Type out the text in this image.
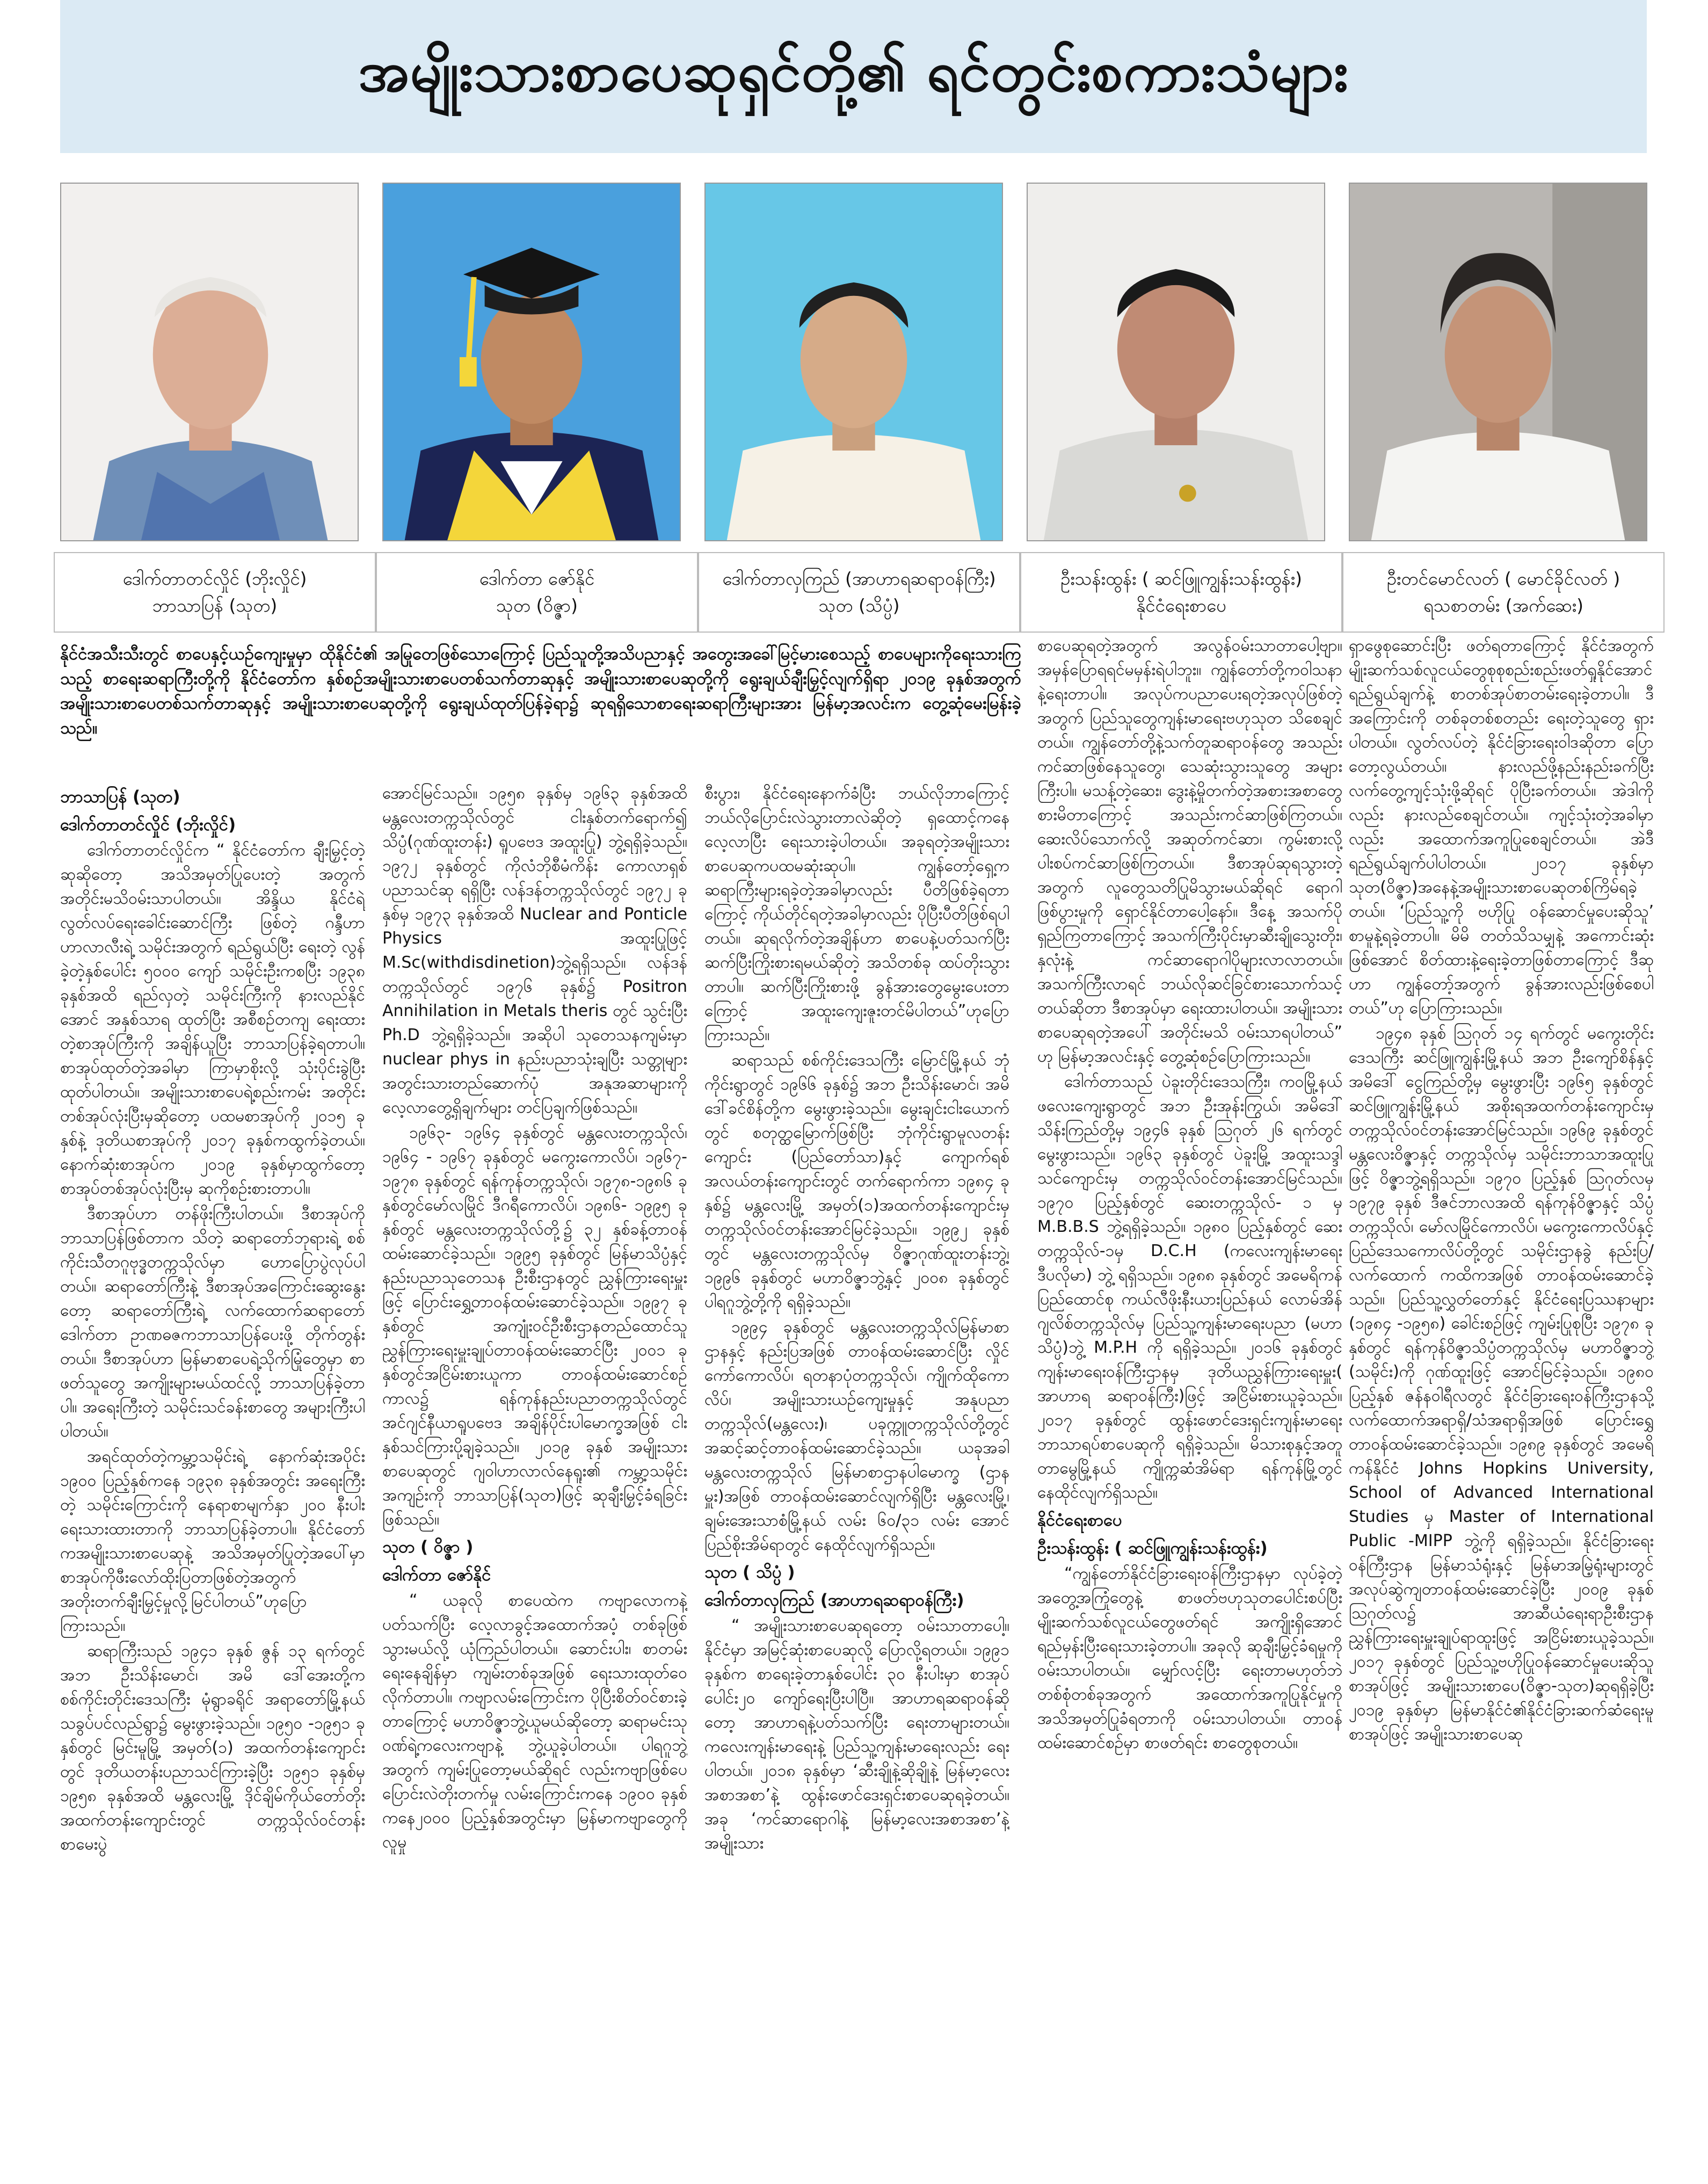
အမျိုးသားစာပေဆုရှင်တို့၏ ရင်တွင်းစကားသံများ
ဒေါက်တာတင်လှိုင် (ဘိုးလှိုင်)
ဘာသာပြန် (သုတ)
ဒေါက်တာ ဇော်နိုင်
သုတ (ဝိဇ္ဇာ)
ဒေါက်တာလှကြည် (အာဟာရဆရာဝန်ကြီး)
သုတ (သိပ္ပံ)
ဦးသန်းထွန်း ( ဆင်ဖြူကျွန်းသန်းထွန်း)
နိုင်ငံရေးစာပေ
ဦးတင်မောင်လတ် ( မောင်ခိုင်လတ် )
ရသစာတမ်း (အက်ဆေး)

နိုင်ငံအသီးသီးတွင် စာပေနှင့်ယဉ်ကျေးမှုမှာ ထိုနိုင်ငံ၏ အမြုတေဖြစ်သောကြောင့် ပြည်သူတို့အသိပညာနှင့် အတွေးအခေါ်မြင့်မားစေသည့် စာပေများကိုရေးသားကြသည့် စာရေးဆရာကြီးတို့ကို နိုင်ငံတော်က နှစ်စဉ်အမျိုးသားစာပေတစ်သက်တာဆုနှင့် အမျိုးသားစာပေဆုတို့ကို ရွေးချယ်ချီးမြှင့်လျက်ရှိရာ ၂၀၁၉ ခုနှစ်အတွက် အမျိုးသားစာပေတစ်သက်တာဆုနှင့် အမျိုးသားစာပေဆုတို့ကို ရွေးချယ်ထုတ်ပြန်ခဲ့ရာ၌ ဆုရရှိသောစာရေးဆရာကြီးများအား မြန်မာ့အလင်းက တွေ့ဆုံမေးမြန်းခဲ့သည်။

ဘာသာပြန် (သုတ)
ဒေါက်တာတင်လှိုင် (ဘိုးလှိုင်)

ဒေါက်တာတင်လှိုင်က “ နိုင်ငံတော်က ချီးမြှင့်တဲ့ ဆုဆိုတော့ အသိအမှတ်ပြုပေးတဲ့ အတွက် အတိုင်းမသိဝမ်းသာပါတယ်။ အိန္ဒိယ နိုင်ငံရဲ့ လွတ်လပ်ရေးခေါင်းဆောင်ကြီး ဖြစ်တဲ့ ဂန္ဒီဟာ ဟာလာလီးရဲ့ သမိုင်းအတွက် ရည်ရွယ်ပြီး ရေးတဲ့ လွန်ခဲ့တဲ့နှစ်ပေါင်း ၅၀၀၀ ကျော် သမိုင်းဦးကစပြီး ၁၉၃၈ ခုနှစ်အထိ ရည်လှတဲ့ သမိုင်းကြီးကို နားလည်နိုင်အောင် အနှစ်သာရ ထုတ်ပြီး အစီစဉ်တကျ ရေးထားတဲ့စာအုပ်ကြီးကို အချိန်ယူပြီး ဘာသာပြန်ခဲ့ရတာပါ။ စာအုပ်ထုတ်တဲ့အခါမှာ ကြာမှာစိုးလို့ သုံးပိုင်းခွဲပြီး ထုတ်ပါတယ်။ အမျိုးသားစာပေရဲ့စည်းကမ်း အတိုင်းတစ်အုပ်လုံးပြီးမှဆိုတော့ ပထမစာအုပ်ကို ၂၀၁၅ ခုနှစ်နဲ့ ဒုတိယစာအုပ်ကို ၂၀၁၇ ခုနှစ်ကထွက်ခဲ့တယ်။ နောက်ဆုံးစာအုပ်က ၂၀၁၉ ခုနှစ်မှာထွက်တော့ စာအုပ်တစ်အုပ်လုံးပြီးမှ ဆုကိုစဉ်းစားတာပါ။

ဒီစာအုပ်ဟာ တန်ဖိုးကြီးပါတယ်။ ဒီစာအုပ်ကို ဘာသာပြန်ဖြစ်တာက သိတဲ့ ဆရာတော်ဘုရားရဲ့ စစ်ကိုင်းသီတဂူဗုဒ္ဓတက္ကသိုလ်မှာ ဟောပြောပွဲလုပ်ပါတယ်။ ဆရာတော်ကြီးနဲ့ ဒီစာအုပ်အကြောင်းဆွေးနွေးတော့ ဆရာတော်ကြီးရဲ့ လက်ထောက်ဆရာတော် ဒေါက်တာ ဥာဏဓဇကဘာသာပြန်ပေးဖို့ တိုက်တွန်းတယ်။ ဒီစာအုပ်ဟာ မြန်မာစာပေရဲ့သိုက်မြုံတွေမှာ စာဖတ်သူတွေ အကျိုးများမယ်ထင်လို့ ဘာသာပြန်ခဲ့တာပါ။ အရေးကြီးတဲ့ သမိုင်းသင်ခန်းစာတွေ အများကြီးပါပါတယ်။

အရင်ထုတ်တဲ့ကမ္ဘာ့သမိုင်းရဲ့ နောက်ဆုံးအပိုင်း ၁၉၀၀ ပြည့်နှစ်ကနေ ၁၉၃၈ ခုနှစ်အတွင်း အရေးကြီးတဲ့ သမိုင်းကြောင်းကို နေရာစာမျက်နှာ ၂၀၀ နီးပါးရေးသားထားတာကို ဘာသာပြန်ခဲ့တာပါ။ နိုင်ငံတော်ကအမျိုးသားစာပေဆုနဲ့ အသိအမှတ်ပြုတဲ့အပေါ်မှာ စာအုပ်ကိုဖီးလော်ထိုးပြတာဖြစ်တဲ့အတွက် အတိုးတက်ချီးမြှင့်မှုလို့မြင်ပါတယ်”ဟုပြောကြားသည်။

ဆရာကြီးသည် ၁၉၄၁ ခုနှစ် ဇွန် ၁၃ ရက်တွင် အဘ ဦးသိန်းမောင်၊ အမိ ဒေါ်အေးတို့က စစ်ကိုင်းတိုင်းဒေသကြီး မုံရွာခရိုင် အရာတော်မြို့နယ် သခွပ်ပင်လည်ရွာ၌ မွေးဖွားခဲ့သည်။ ၁၉၅၀ -၁၉၅၁ ခုနှစ်တွင် မြင်းမူမြို့ အမှတ်(၁) အထက်တန်းကျောင်းတွင် ဒုတိယတန်းပညာသင်ကြားခဲ့ပြီး ၁၉၅၁ ခုနှစ်မှ ၁၉၅၈ ခုနှစ်အထိ မန္တလေးမြို့ ဒိုင်ချိမ်ကိုယ်တော်တိုးအထက်တန်းကျောင်းတွင် တက္ကသိုလ်ဝင်တန်းစာမေးပွဲ

အောင်မြင်သည်။ ၁၉၅၈ ခုနှစ်မှ ၁၉၆၃ ခုနှစ်အထိ မန္တလေးတက္ကသိုလ်တွင် ငါးနှစ်တက်ရောက်၍ သိပ္ပံ(ဂုဏ်ထူးတန်း) ရူပဗေဒ အထူးပြု) ဘွဲ့ရရှိခဲ့သည်။ ၁၉၇၂ ခုနှစ်တွင် ကိုလံဘိုစီမံကိန်း ကောလာရှစ်ပညာသင်ဆု ရရှိပြီး လန်ဒန်တက္ကသိုလ်တွင် ၁၉၇၂ ခုနှစ်မှ ၁၉၇၃ ခုနှစ်အထိ Nuclear and Ponticle Physics အထူးပြုဖြင့် M.Sc(withdisdinetion)ဘွဲ့ရရှိသည်။ လန်ဒန်တက္ကသိုလ်တွင် ၁၉၇၆ ခုနှစ်၌ Positron Annihilation in Metals theris တွင် သွင်းပြီး Ph.D ဘွဲ့ရရှိခဲ့သည်။ အဆိုပါ သုတေသနကျမ်းမှာ nuclear phys in နည်းပညာသုံးချပြီး သတ္တုများ အတွင်းသားတည်ဆောက်ပုံ အနုအဆာများကို လေ့လာတွေ့ရှိချက်များ တင်ပြချက်ဖြစ်သည်။

၁၉၆၃- ၁၉၆၄ ခုနှစ်တွင် မန္တလေးတက္ကသိုလ်၊ ၁၉၆၄ - ၁၉၆၇ ခုနှစ်တွင် မကွေးကောလိပ်၊ ၁၉၆၇- ၁၉၇၈ ခုနှစ်တွင် ရန်ကုန်တက္ကသိုလ်၊ ၁၉၇၈-၁၉၈၆ ခုနှစ်တွင်မော်လမြိုင် ဒီဂရီကောလိပ်၊ ၁၉၈၆- ၁၉၉၅ ခုနှစ်တွင် မန္တလေးတက္ကသိုလ်တို့၌ ၃၂ နှစ်ခန့်တာဝန်ထမ်းဆောင်ခဲ့သည်။ ၁၉၉၅ ခုနှစ်တွင် မြန်မာသိပ္ပံနှင့် နည်းပညာသုတေသန ဦးစီးဌာနတွင် ညွှန်ကြားရေးမှူးဖြင့် ပြောင်းရွှေ့တာဝန်ထမ်းဆောင်ခဲ့သည်။ ၁၉၉၇ ခုနှစ်တွင် အကျုံးဝင်ဦးစီးဌာနတည်ထောင်သူ ညွှန်ကြားရေးမှူးချုပ်တာဝန်ထမ်းဆောင်ပြီး ၂၀၀၁ ခုနှစ်တွင်အငြိမ်းစားယူကာ တာဝန်ထမ်းဆောင်စဉ်ကာလ၌ ရန်ကုန်နည်းပညာတက္ကသိုလ်တွင် အင်ဂျင်နီယာရူပဗေဒ အချိန်ပိုင်းပါမောက္ခအဖြစ် ငါးနှစ်သင်ကြားပို့ချခဲ့သည်။ ၂၀၁၉ ခုနှစ် အမျိုးသားစာပေဆုတွင် ဂျဝါဟာလာလ်နေရူး၏ ကမ္ဘာ့သမိုင်းအကျဉ်းကို ဘာသာပြန်(သုတ)ဖြင့် ဆုချီးမြှင့်ခံရခြင်းဖြစ်သည်။

သုတ ( ဝိဇ္ဇာ )
ဒေါက်တာ ဇော်နိုင်

“ ယခုလို စာပေထဲက ကဗျာလောကနဲ့ ပတ်သက်ပြီး လေ့လာခွင့်အထောက်အပံ့ တစ်ခုဖြစ်သွားမယ်လို့ ယုံကြည်ပါတယ်။ ဆောင်းပါး၊ စာတမ်းရေးနေချိန်မှာ ကျမ်းတစ်ခုအဖြစ် ရေးသားထုတ်ဝေလိုက်တာပါ။ ကဗျာလမ်းကြောင်းက ပိုပြီးစိတ်ဝင်စားခဲ့တာကြောင့် မဟာဝိဇ္ဇာဘွဲ့ယူမယ်ဆိုတော့ ဆရာမင်းသုဝဏ်ရဲ့ကလေးကဗျာနဲ့ ဘွဲ့ယူခဲ့ပါတယ်။ ပါရဂူဘွဲ့အတွက် ကျမ်းပြုတော့မယ်ဆိုရင် လည်းကဗျာဖြစ်ပေ ပြောင်းလဲတိုးတက်မှု လမ်းကြောင်းကနေ ၁၉၀၀ ခုနှစ်ကနေ၂၀၀၀ ပြည့်နှစ်အတွင်းမှာ မြန်မာကဗျာတွေကို လူမှု

စီးပွား၊ နိုင်ငံရေးနောက်ခံပြီး ဘယ်လိုဘာကြောင့် ဘယ်လိုပြောင်းလဲသွားတာလဲဆိုတဲ့ ရှထောင့်ကနေလေ့လာပြီး ရေးသားခဲ့ပါတယ်။ အခုရတဲ့အမျိုးသားစာပေဆုကပထမဆုံးဆုပါ။ ကျွန်တော့်ရှေ့က ဆရာကြီးများရခဲ့တဲ့အခါမှာလည်း ပီတိဖြစ်ခဲ့ရတာကြောင့် ကိုယ်တိုင်ရတဲ့အခါမှာလည်း ပိုပြီးပီတိဖြစ်ရပါတယ်။ ဆုရလိုက်တဲ့အချိန်ဟာ စာပေနဲ့ပတ်သက်ပြီး ဆက်ပြီးကြိုးစားရမယ်ဆိုတဲ့ အသိတစ်ခု ထပ်တိုးသွားတာပါ။ ဆက်ပြီးကြိုးစားဖို့ ခွန်အားတွေမွေးပေးတာကြောင့် အထူးကျေးဇူးတင်မိပါတယ်”ဟုပြောကြားသည်။

ဆရာသည် စစ်ကိုင်းဒေသကြီး မြောင်မြို့နယ် ဘုံကိုင်းရွာတွင် ၁၉၆၆ ခုနှစ်၌ အဘ ဦးသိန်းမောင်၊ အမိ ဒေါ်ခင်စိန်တို့က မွေးဖွားခဲ့သည်။ မွေးချင်းငါးယောက်တွင် စတုတ္ထမြောက်ဖြစ်ပြီး ဘုံကိုင်းရွာမူလတန်းကျောင်း (ပြည်တော်သာ)နှင့် ကျောက်ရစ်အလယ်တန်းကျောင်းတွင် တက်ရောက်ကာ ၁၉၈၄ ခုနှစ်၌ မန္တလေးမြို့ အမှတ်(၁)အထက်တန်းကျောင်းမှ တက္ကသိုလ်ဝင်တန်းအောင်မြင်ခဲ့သည်။ ၁၉၉၂ ခုနှစ်တွင် မန္တလေးတက္ကသိုလ်မှ ဝိဇ္ဇာဂုဏ်ထူးတန်းဘွဲ့၊ ၁၉၉၆ ခုနှစ်တွင် မဟာဝိဇ္ဇာဘွဲ့နှင့် ၂၀၀၈ ခုနှစ်တွင် ပါရဂူဘွဲ့တို့ကို ရရှိခဲ့သည်။

၁၉၉၄ ခုနှစ်တွင် မန္တလေးတက္ကသိုလ်မြန်မာစာဌာနနှင့် နည်းပြအဖြစ် တာဝန်ထမ်းဆောင်ပြီး လှိုင်ကော်ကောလိပ်၊ ရတနာပုံတက္ကသိုလ်၊ ကျိုက်ထိုကောလိပ်၊ အမျိုးသားယဉ်ကျေးမှုနှင့် အနုပညာတက္ကသိုလ်(မန္တလေး)၊ ပခုက္ကူတက္ကသိုလ်တို့တွင် အဆင့်ဆင့်တာဝန်ထမ်းဆောင်ခဲ့သည်။ ယခုအခါ မန္တလေးတက္ကသိုလ် မြန်မာစာဌာနပါမောက္ခ (ဌာနမှူး)အဖြစ် တာဝန်ထမ်းဆောင်လျက်ရှိပြီး မန္တလေးမြို့၊ ချမ်းအေးသာစံမြို့နယ် လမ်း ၆၀/၃၁ လမ်း အောင်ပြည်စိုးအိမ်ရာတွင် နေထိုင်လျက်ရှိသည်။

သုတ ( သိပ္ပံ )
ဒေါက်တာလှကြည် (အာဟာရဆရာဝန်ကြီး)

“ အမျိုးသားစာပေဆုရတော့ ဝမ်းသာတာပေါ့။ နိုင်ငံမှာ အမြင့်ဆုံးစာပေဆုလို့ ပြောလို့ရတယ်။ ၁၉၉၁ ခုနှစ်က စာရေးခဲ့တာနှစ်ပေါင်း ၃၀ နီးပါးမှာ စာအုပ်ပေါင်း၂၀ ကျော်ရေးပြီးပါပြီ။ အာဟာရဆရာဝန်ဆိုတော့ အာဟာရနဲ့ပတ်သက်ပြီး ရေးတာများတယ်။ ကလေးကျန်းမာရေးနဲ့ ပြည်သူ့ကျန်းမာရေးလည်း ရေးပါတယ်။ ၂၀၁၈ ခုနှစ်မှာ ‘ဆီးချိုနဲ့ဆိုချိုနဲ့ မြန်မာ့လေးအစာအစာ’နဲ့ ထွန်းဖောင်ဒေးရှင်းစာပေဆုရခဲ့တယ်။ အခု ‘ကင်ဆာရောဂါနဲ့ မြန်မာ့လေးအစာအစာ’နဲ့ အမျိုးသား

စာပေဆုရတဲ့အတွက် အလွန်ဝမ်းသာတာပေါ့ဗျာ။ အမှန်ပြောရရင်မမှန်းရဲပါဘူး။ ကျွန်တော်တို့ကဝါသနာနဲ့ရေးတာပါ။ အလုပ်ကပညာပေးရတဲ့အလုပ်ဖြစ်တဲ့အတွက် ပြည်သူတွေကျန်းမာရေးဗဟုသုတ သိစေချင်တယ်။ ကျွန်တော်တို့နဲ့သက်တူဆရာဝန်တွေ အသည်းကင်ဆာဖြစ်နေသူတွေ၊ သေဆုံးသွားသူတွေ အများကြီးပါ။ မသန့်တဲ့ဆေး၊ ဒွေးနဲ့မှိုတက်တဲ့အစားအစာတွေ စားမိတာကြောင့် အသည်းကင်ဆာဖြစ်ကြတယ်။ ဆေးလိပ်သောက်လို့ အဆုတ်ကင်ဆာ၊ ကွမ်းစားလို့ပါးစပ်ကင်ဆာဖြစ်ကြတယ်။ ဒီစာအုပ်ဆုရသွားတဲ့အတွက် လူတွေသတိပြုမိသွားမယ်ဆိုရင် ရောဂါဖြစ်ပွားမှုကို ရှောင်နိုင်တာပေါ့နော်။ ဒီနေ့ အသက်ပိုရှည်ကြတာကြောင့် အသက်ကြီးပိုင်းမှာဆီးချိုသွေးတိုး၊ နှလုံးနဲ့ ကင်ဆာရောဂါပိုများလာလာတယ်။ အသက်ကြီးလာရင် ဘယ်လိုဆင်ခြင်စားသောက်သင့်တယ်ဆိုတာ ဒီစာအုပ်မှာ ရေးထားပါတယ်။ အမျိုးသားစာပေဆုရတဲ့အပေါ် အတိုင်းမသိ ဝမ်းသာရပါတယ်” ဟု မြန်မာ့အလင်းနှင့် တွေ့ဆုံစဉ်ပြောကြားသည်။

ဒေါက်တာသည် ပဲခူးတိုင်းဒေသကြီး၊ ကဝမြို့နယ် ဖလေးကျေးရွာတွင် အဘ ဦးအုန်းကြွယ်၊ အမိဒေါ်သိန်းကြည်တို့မှ ၁၉၄၆ ခုနှစ် ဩဂုတ် ၂၆ ရက်တွင် မွေးဖွားသည်။ ၁၉၆၃ ခုနှစ်တွင် ပဲခူးမြို့ အထူးသဒ္ဒါသင်ကျောင်းမှ တက္ကသိုလ်ဝင်တန်းအောင်မြင်သည်။ ၁၉၇၀ ပြည့်နှစ်တွင် ဆေးတက္ကသိုလ်- ၁ မှ M.B.B.S ဘွဲ့ရရှိခဲ့သည်။ ၁၉၈၀ ပြည့်နှစ်တွင် ဆေးတက္ကသိုလ်-၁မှ D.C.H (ကလေးကျန်းမာရေးဒီပလိုမာ) ဘွဲ့ ရရှိသည်။ ၁၉၈၈ ခုနှစ်တွင် အမေရိကန်ပြည်ထောင်စု ကယ်လီဖိုးနီးယားပြည်နယ် လောမ်အိန်ဂျလိစ်တက္ကသိုလ်မှ ပြည်သူ့ကျန်းမာရေးပညာ (မဟာသိပ္ပံ)ဘွဲ့ M.P.H ကို ရရှိခဲ့သည်။ ၂၀၁၆ ခုနှစ်တွင် ကျန်းမာရေးဝန်ကြီးဌာနမှ ဒုတိယညွှန်ကြားရေးမှူး( အာဟာရ ဆရာဝန်ကြီး)ဖြင့် အငြိမ်းစားယူခဲ့သည်။ ၂၀၁၇ ခုနှစ်တွင် ထွန်းဖောင်ဒေးရှင်းကျန်းမာရေးဘာသာရပ်စာပေဆုကို ရရှိခဲ့သည်။ မိသားစုနှင့်အတူ တာမွေမြို့နယ် ကျိုက္ကဆံအိမ်ရာ ရန်ကုန်မြို့တွင် နေထိုင်လျက်ရှိသည်။

နိုင်ငံရေးစာပေ
ဦးသန်းထွန်း ( ဆင်ဖြူကျွန်းသန်းထွန်း)

“ကျွန်တော်နိုင်ငံခြားရေးဝန်ကြီးဌာနမှာ လုပ်ခဲ့တဲ့အတွေ့အကြုံတွေနဲ့ စာဖတ်ဗဟုသုတပေါင်းစပ်ပြီး မျိုးဆက်သစ်လူငယ်တွေဖတ်ရင် အကျိုးရှိအောင် ရည်မှန်းပြီးရေးသားခဲ့တာပါ။ အခုလို ဆုချီးမြှင့်ခံရမှုကို ဝမ်းသာပါတယ်။ မျှော်လင့်ပြီး ရေးတာမဟုတ်ဘဲ တစ်စုံတစ်ခုအတွက် အထောက်အကူပြုနိုင်မှုကို အသိအမှတ်ပြုခံရတာကို ဝမ်းသာပါတယ်။ တာဝန်ထမ်းဆောင်စဉ်မှာ စာဖတ်ရင်း စာတွေစုတယ်။

ရှာဖွေစုဆောင်းပြီး ဖတ်ရတာကြောင့် နိုင်ငံအတွက် မျိုးဆက်သစ်လူငယ်တွေစုစုစည်းစည်းဖတ်ရှုနိုင်အောင်ရည်ရွယ်ချက်နဲ့ စာတစ်အုပ်စာတမ်းရေးခဲ့တာပါ။ ဒီအကြောင်းကို တစ်ခုတစ်စတည်း ရေးတဲ့သူတွေ ရှားပါတယ်။ လွတ်လပ်တဲ့ နိုင်ငံခြားရေးဝါဒဆိုတာ ပြောတော့လွယ်တယ်။ နားလည်ဖို့နည်းနည်းခက်ပြီး လက်တွေ့ကျင့်သုံးဖို့ဆိုရင် ပိုပြီးခက်တယ်။ အဲဒါကိုလည်း နားလည်စေချင်တယ်။ ကျင့်သုံးတဲ့အခါမှာလည်း အထောက်အကူပြုစေချင်တယ်။ အဲဒီရည်ရွယ်ချက်ပါပါတယ်။ ၂၀၁၇ ခုနှစ်မှာ သုတ(ဝိဇ္ဇာ)အနေနဲ့အမျိုးသားစာပေဆုတစ်ကြိမ်ရခဲ့တယ်။ ‘ပြည်သူ့ကို ဗဟိုပြု ဝန်ဆောင်မှုပေးဆိုသူ’ စာမူနဲ့ရခဲ့တာပါ။ မိမိ တတ်သိသမျှနဲ့ အကောင်းဆုံးဖြစ်အောင် စိတ်ထားနဲ့ရေးခဲ့တာဖြစ်တာကြောင့် ဒီဆုဟာ ကျွန်တော့်အတွက် ခွန်အားလည်းဖြစ်စေပါတယ်”ဟု ပြောကြားသည်။

၁၉၄၈ ခုနှစ် ဩဂုတ် ၁၄ ရက်တွင် မကွေးတိုင်းဒေသကြီး ဆင်ဖြူကျွန်းမြို့နယ် အဘ ဦးကျော်စိန်နှင့်အမိဒေါ် ငွေကြည်တို့မှ မွေးဖွားပြီး ၁၉၆၅ ခုနှစ်တွင် ဆင်ဖြူကျွန်းမြို့နယ် အစိုးရအထက်တန်းကျောင်းမှ တက္ကသိုလ်ဝင်တန်းအောင်မြင်သည်။ ၁၉၆၉ ခုနှစ်တွင် မန္တလေးဝိဇ္ဇာနှင့် တက္ကသိုလ်မှ သမိုင်းဘာသာအထူးပြုဖြင့် ဝိဇ္ဇာဘွဲ့ရရှိသည်။ ၁၉၇၀ ပြည့်နှစ် ဩဂုတ်လမှ ၁၉၇၉ ခုနှစ် ဒီဇင်ဘာလအထိ ရန်ကုန်ဝိဇ္ဇာနှင့် သိပ္ပံတက္ကသိုလ်၊ မော်လမြိုင်ကောလိပ်၊ မကွေးကောလိပ်နှင့် ပြည်ဒေသကောလိပ်တို့တွင် သမိုင်းဌာနခွဲ နည်းပြ/ လက်ထောက် ကထိကအဖြစ် တာဝန်ထမ်းဆောင်ခဲ့သည်။ ပြည်သူ့လွှတ်တော်နှင့် နိုင်ငံရေးပြဿနာများ (၁၉၈၄ -၁၉၅၈) ခေါင်းစဉ်ဖြင့် ကျမ်းပြုစုပြီး ၁၉၇၈ ခုနှစ်တွင် ရန်ကုန်ဝိဇ္ဇာသိပ္ပံတက္ကသိုလ်မှ မဟာဝိဇ္ဇာဘွဲ့ (သမိုင်း)ကို ဂုဏ်ထူးဖြင့် အောင်မြင်ခဲ့သည်။ ၁၉၈၀ ပြည့်နှစ် ဇန်နဝါရီလတွင် နိုင်ငံခြားရေးဝန်ကြီးဌာနသို့ လက်ထောက်အရာရှိ/သံအရာရှိအဖြစ် ပြောင်းရွှေ့တာဝန်ထမ်းဆောင်ခဲ့သည်။ ၁၉၈၉ ခုနှစ်တွင် အမေရိကန်နိုင်ငံ Johns Hopkins University, School of Advanced International Studies မှ Master of International Public -MIPP ဘွဲ့ကို ရရှိခဲ့သည်။ နိုင်ငံခြားရေးဝန်ကြီးဌာန မြန်မာသံရုံးနှင့် မြန်မာအမြဲ့ရုံးများတွင် အလုပ်ဆွဲကျတာဝန်ထမ်းဆောင်ခဲ့ပြီး ၂၀၀၉ ခုနှစ် ဩဂုတ်လ၌ အာဆီယံရေးရာဦးစီးဌာန ညွှန်ကြားရေးမှူးချုပ်ရာထူးဖြင့် အငြိမ်းစားယူခဲ့သည်။ ၂၀၁၇ ခုနှစ်တွင် ပြည်သူ့ဗဟိုပြုဝန်ဆောင်မှုပေးဆိုသူ စာအုပ်ဖြင့် အမျိုးသားစာပေ(ဝိဇ္ဇာ-သုတ)ဆုရရှိခဲ့ပြီး ၂၀၁၉ ခုနှစ်မှာ မြန်မာနိုင်ငံ၏နိုင်ငံခြားဆက်ဆံရေးမူ စာအုပ်ဖြင့် အမျိုးသားစာပေဆု
